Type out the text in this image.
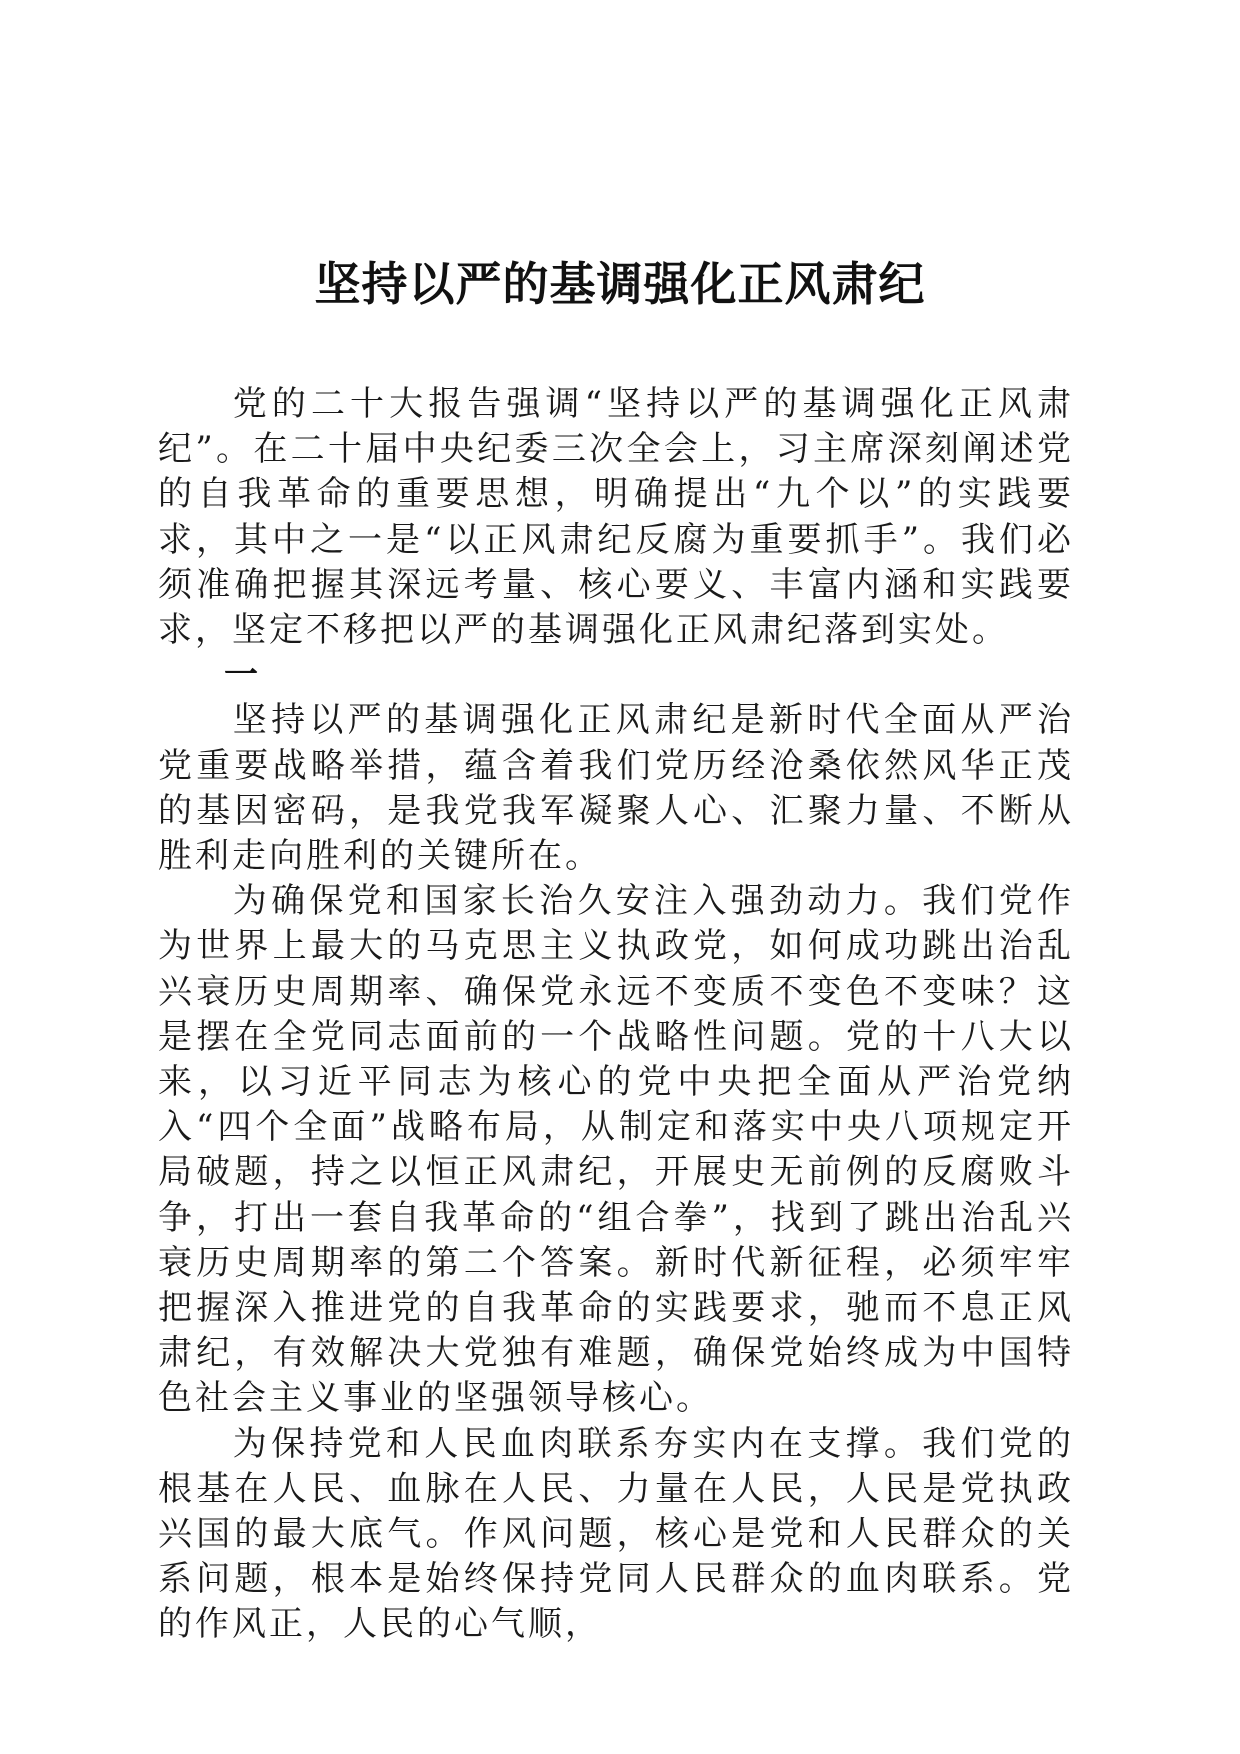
坚持以严的基调强化正风肃纪

党的二十大报告强调“坚持以严的基调强化正风肃纪”。在二十届中央纪委三次全会上，习主席深刻阐述党的自我革命的重要思想，明确提出“九个以”的实践要求，其中之一是“以正风肃纪反腐为重要抓手”。我们必须准确把握其深远考量、核心要义、丰富内涵和实践要求，坚定不移把以严的基调强化正风肃纪落到实处。

一

坚持以严的基调强化正风肃纪是新时代全面从严治党重要战略举措，蕴含着我们党历经沧桑依然风华正茂的基因密码，是我党我军凝聚人心、汇聚力量、不断从胜利走向胜利的关键所在。

为确保党和国家长治久安注入强劲动力。我们党作为世界上最大的马克思主义执政党，如何成功跳出治乱兴衰历史周期率、确保党永远不变质不变色不变味？这是摆在全党同志面前的一个战略性问题。党的十八大以来，以习近平同志为核心的党中央把全面从严治党纳入“四个全面”战略布局，从制定和落实中央八项规定开局破题，持之以恒正风肃纪，开展史无前例的反腐败斗争，打出一套自我革命的“组合拳”，找到了跳出治乱兴衰历史周期率的第二个答案。新时代新征程，必须牢牢把握深入推进党的自我革命的实践要求，驰而不息正风肃纪，有效解决大党独有难题，确保党始终成为中国特色社会主义事业的坚强领导核心。

为保持党和人民血肉联系夯实内在支撑。我们党的根基在人民、血脉在人民、力量在人民，人民是党执政兴国的最大底气。作风问题，核心是党和人民群众的关系问题，根本是始终保持党同人民群众的血肉联系。党的作风正，人民的心气顺，
